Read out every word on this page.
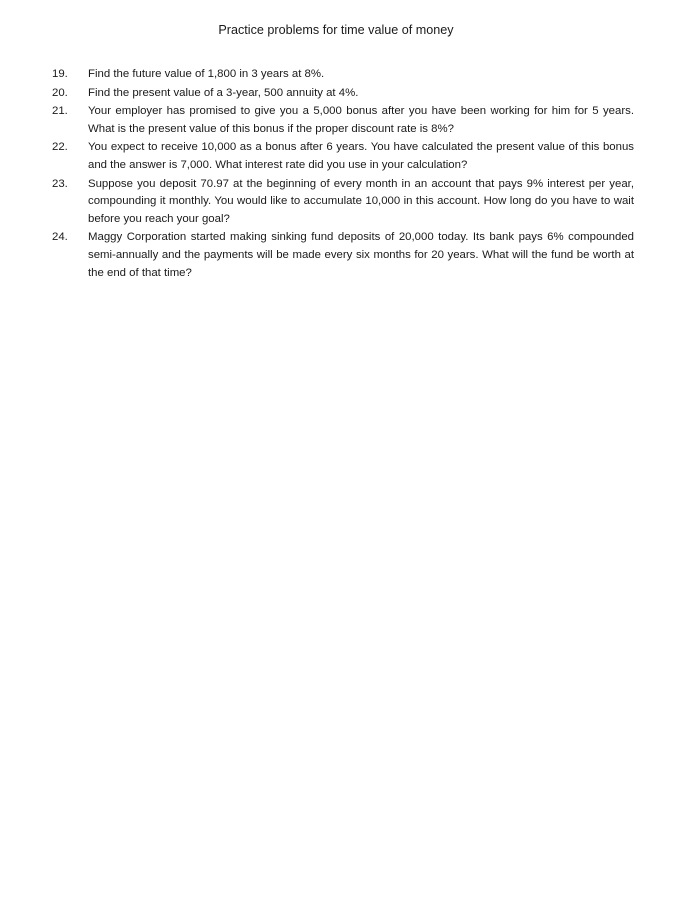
Practice problems for time value of money
19.	Find the future value of 1,800 in 3 years at 8%.
20.	Find the present value of a 3-year, 500 annuity at 4%.
21.	Your employer has promised to give you a 5,000 bonus after you have been working for him for 5 years. What is the present value of this bonus if the proper discount rate is 8%?
22.	You expect to receive 10,000 as a bonus after 6 years. You have calculated the present value of this bonus and the answer is 7,000. What interest rate did you use in your calculation?
23.	Suppose you deposit 70.97 at the beginning of every month in an account that pays 9% interest per year, compounding it monthly. You would like to accumulate 10,000 in this account. How long do you have to wait before you reach your goal?
24.	Maggy Corporation started making sinking fund deposits of 20,000 today. Its bank pays 6% compounded semi-annually and the payments will be made every six months for 20 years. What will the fund be worth at the end of that time?
